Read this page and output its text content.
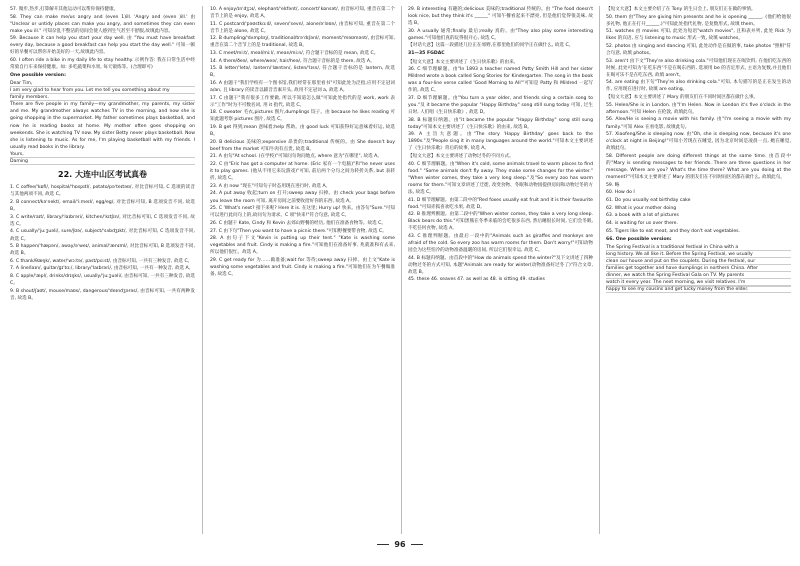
57. 微步,热步,打算解开其他运动可以帮你保持健康。
58. They can make me/us angry and (even 1)ill. 'Angry and (even )ill.' 由 "Unclear or untidy places can make you angry, and sometimes they can even make you ill." 可知杂乱不整洁的房间会使人感到生气甚至不舒服,故填此内容。
59. Because it can help you start your day well. 由 "You must have breakfast every day, because a good breakfast can help you start the day well." 可知一顿好的早餐可以帮你开始美好的一天,故填此内容。
60. I often ride a bike in my daily life to stay healthy. 示例作答: 我在日常生活中经常骑自行车来保持健康。如: 多吃蔬菜和水果, 每天锻炼等。(合理即可)
One possible version:
Dear Tim,
I am very glad to hear from you. Let me tell you something about my
family members.
There are five people in my family—my grandmother, my parents, my sister and me. My grandmother always watches TV in the morning, and now she is going shopping in the supermarket. My father sometimes plays basketball, and now he is reading books at home. My mother often goes shopping on weekends. She is watching TV now. My sister Betty never plays basketball. Now she is listening to music. As for me, I'm playing basketball with my friends. I usually read books in the library.
Yours,
Daming
22. 大连中山区考试真卷
1. C coffee/ˈkɒfi/, hospital/ˈhɒspɪtl/, potato/pəˈteɪtəʊ/, 对比音标可知, C 选项的读音与其他两项不同, 故选 C。
2. B connect/kəˈnekt/, email/ˈiːmeɪl/, egg/eɡ/, 对比音标可知, B 选项发音不同, 故选 B。
3. C write/raɪt/, library/ˈlaɪbrəri/, kitchen/ˈkɪtʃɪn/, 对比音标可知, C 选项发音不同, 故选 C。
4. C usually/ˈjuːʒuəli/, sure/ʃʊə/, subject/ˈsʌbdʒɪkt/, 对比音标可知, C 选项发音不同, 故选 C。
5. B happen/ˈhæpən/, away/əˈweɪ/, animal/ˈænɪml/, 对比音标可知, B 选项发音不同, 故选 B。
6. C thank/θæŋk/, water/ˈwɔːtə/, past/pɑːst/, 由音标可知, 一共有三种发音, 故选 C。
7. A line/laɪn/, guitar/ɡɪˈtɑː/, library/ˈlaɪbrəri/, 由音标可知, 一共有一种发音, 故选 A。
8. C apple/ˈæpl/, drinks/drɪŋks/, usually/ˈjuːʒuəli/, 由音标可知, 一共有三种发音, 故选 C。
9. B shout/ʃaʊt/, mouse/maʊs/, dangerous/ˈdeɪndʒərəs/, 由音标可知, 一共有两种发音, 故选 B。
10. A enjoy/ɪnˈdʒɔɪ/, elephant/ˈelɪfənt/, concert/ˈkɒnsət/, 由音标可知, 重音在第二个音节上的是 enjoy, 故选 A。
11. C postcard/ˈpəʊstkɑːd/, seven/ˈsevn/, alone/əˈləʊn/, 由音标可知, 重音在第二个音节上的是 alone, 故选 C。
12. B dumpling/ˈdʌmplɪŋ/, traditional/trəˈdɪʃənl/, moment/ˈməʊmənt/, 由音标可知, 重音在第二个音节上的是 traditional, 故选 B。
13. C meet/miːt/, meal/miːl/, mean/miːn/, 符合题干音标的是 mean, 故选 C。
14. A there/ðeə/, where/weə/, hair/heə/, 符合题干音标的是 there, 故选 A。
15. B letter/ˈletə/, lantern/ˈlæntən/, listen/ˈlɪsn/, 符合题干音标的是 lantern, 故选 B。
16. A 由题干"我们学校有一个图书馆,我们经常在那里看书"可知此处为泛指,应用不定冠词 a/an, 且 library 的读音以辅音音素开头, 故用不定冠词 a, 故选 A。
17. C 由题干"我有很多工作要做, 所以不知道怎么做"可知此处指代的是 work, work 表示"工作"时为不可数名词, 用 it 指代, 故选 C。
18. C sweater 毛衣,pictures 图片,dumplings 饺子。由 because he likes reading 可知此题考察 pictures 图片, 故选 C。
19. B get 得到;mean 意味着;help 帮助。由 good luck 可知获得好运意味着好运, 故选 B。
20. B delicious 美味的;expensive 昂贵的;traditional 传统的。由 She doesn't buy beef from the market 可知牛肉有点贵, 故选 B。
21. A 由句"At school. (在学校)"可知问句询问地点, where 意为"在哪里", 故选 A。
22. C 由"Eric has got a computer at home. (Eric 家有一个电脑)"和"he never uses it to play games. (他从不用它来玩游戏)"可知, 前后两个分句之间为转折关系, but 表转折, 故选 C。
23. A 由 now "现在"可知句子时态用现在进行时, 故选 A。
24. A put away 收起;turn on 打开;sweep away 扫掉。由 check your bags before you leave the room 可知, 离开房间之前要收拾好你的东西, 故选 A。
25. C 'What's next? 接下来呢? Here it is. 在这里; Hurry up! 快来。由答句"Sure."可知可以进行此问句上的,故问句为请求。C 项"快来!"符合句意, 故选 C。
26. C 由题干 Kate, Cindy 和 Kevin 去郊山野餐的经历, 他们在准备食物等。故选 C。
27. C 由下句"Then you want to have a picnic there."可知野餐要带食物, 故选 C。
28. A 由句子下文"Kevin is putting up their tent." "Kate is washing some vegetables and fruit. Cindy is making a fire."可知他们在准备好事, 兆就准和有去来, 所以他们很忙。故选 A。
29. C get ready for 为……做准备;wait for 等待;sweep away 扫掉。由上文"Kate is washing some vegetables and fruit. Cindy is making a fire."可知他们在为午餐做准备, 故选 C。
29. B interesting 有趣的;delicious 美味的;traditional 传统的。由 "The food doesn't look nice, but they think it's ______" 可知午餐看起来不漂亮, 但是他们觉得很美味, 故选 B。
30. A usually 通常;finally 最后;really 真的。由"They also play some interesting games."可知他们真的玩得很开心, 故选 C。
【对话大意】这篇一段描述几位正在郊野,在那里他们的同学正在做什么, 故选 C。
31—35 FGDAC
【短文大意】本文主要讲述了《生日快乐歌》的由来。
36. C 细节理解题。由"In 1893 a teacher named Patty Smith Hill and her sister Mildred wrote a book called Song Stories for Kindergarten. The song in the book was a four-line verse called 'Good Morning to All'"可知是 Patty 和 Mildred 一起写作的, 故选 C。
37. D 细节理解题。由"You turn a year older, and friends sing a certain song to you."及 it became the popular "Happy Birthday" song still sung today 可知, 过生日时, 人们唱《生日快乐歌》, 故选 D。
38. B 标题归纳题。由"it became the popular "Happy Birthday" song still sung today"可知本文主要讲述了《生日快乐歌》的由来, 故选 B。
39. A 主旨大意题。由"The story 'Happy Birthday' goes back to the 1890s."及"People sing it in many languages around the world."可知本文主要讲述了《生日快乐歌》背后的故事, 故选 A。
【短文大意】本文主要讲述了动物过冬的不同方式。
40. C 细节理解题。由"When it's cold, some animals travel to warm places to find food." "Some animals don't fly away. They make some changes for the winter." "When winter comes, they take a very long sleep."及"So every zoo has warm rooms for them."可知文章讲述了迁徙, 改变食物、冬眠和动物园提供房间和动物过冬的方法, 故选 C。
41. D 细节理解题。由第二段中的"Red foxes usually eat fruit and it is their favourite food."可知赤狐喜欢吃水果, 故选 D。
42. B 推理判断题。由第二段中的"When winter comes, they take a very long sleep. Black bears do this."可知黑熊在冬季来临的会吃很多东西, 然后睡很长时间, 它们会冬眠, 不吃任何食物, 故选 A。
43. C 推理判断题。由最后一段中的"Animals such as giraffes and monkeys are afraid of the cold. So every zoo has warm rooms for them. Don't worry!"可知动物园会为这些怕冷的动物准备温暖的房间, 所以它们很幸运, 故选 C。
44. B 标题归纳题。由首段中的"How do animals spend the winter?"及下文讲述了四种动物过冬的方式可知, 本题"Animals are ready for winter(动物准备好过冬了)"符合文章, 故选 B。
45. these 46. seaves 47. as well as 48. is sitting 49. studies
【短文大意】本文主要介绍了在 Tony 的生日会上, 朋友们正在做的事情。
50. them 由"They are giving him presents and he is opening ______. (他们给他很多礼物, 他正在打开______.)"可知此处指代礼物, 是复数形式, 故填 them。
51. watches 由 movies 可知, 此处为短语"watch movies", 且和表并列, 此处 Rick 为 likes 的宾语, 应与 listening to music 形式一致, 故填 watches。
52. photos 由 singing and dancing 可知, 此处动作是在做的事, take photos "照相"符合句意, 故填 photos。
53. aren't 由下文"They're also drinking cola."可知他们现在在喝饮料, 在他们吃东西的时候, 此处可知为'在吃东西'不是在喝东西的, 选项用 be 的否定形式, 主语为复数,并且他们在喝可乐不是在吃东西, 故填 aren't。
54. are eating 由下句"They're also drinking cola."可知, 本句描写的是正在发生的动作, 应用现在进行时, 故填 are eating。
【短文大意】本文主要讲述了 Mary 的朋友们在不同时间区都在做什么事。
55. Helen/She is in London. 由"I'm Helen. Now in London it's five o'clock in the afternoon."可知 Helen 在伦敦, 故填此句。
56. Alex/He is seeing a movie with his family. 由"I'm seeing a movie with my family."可知 Alex 在看电影, 故填此句。
57. Xiaofeng/She is sleeping now. 由"Oh, she is sleeping now, because it's one o'clock at night in Beijing!"可知小芳现在在睡觉, 因为北京时间是凌晨一点, 她在睡觉, 故填此句。
58. Different people are doing different things at the same time. 由首段中的"Mary is sending messages to her friends. There are three questions in her message. Where are you? What's the time there? What are you doing at the moment?"可知本文主要讲述了 Mary 的朋友们在不同时间区的都在做什么, 故填此句。
59. 略
60. How do I
61. Do you usually eat birthday cake
62. What is your mother doing
63. a book with a lot of pictures
64. is waiting for us over there.
65. Tigers like to eat meat, and they don't eat vegetables.
66. One possible version:
The Spring Festival is a traditional festival in China with a
long history. We all like it. Before the Spring Festival, we usually
clean our house and put on the couplets. During the festival, our
families get together and have dumplings in northern China. After
dinner, we watch the Spring Festival Gala on TV. My parents
watch it every year. The next morning, we visit relatives. I'm
happy to see my cousins and get lucky money from the elder.
96
